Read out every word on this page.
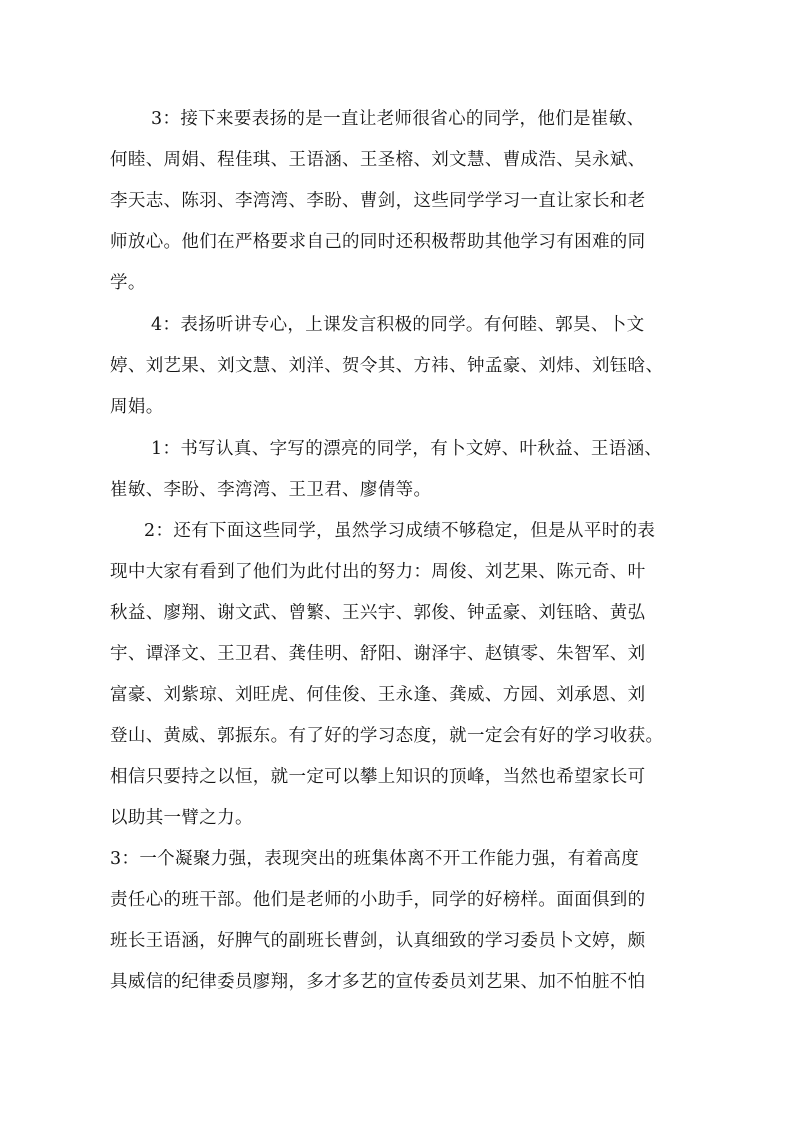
3：接下来要表扬的是一直让老师很省心的同学，他们是崔敏、
何睦、周娟、程佳琪、王语涵、王圣榕、刘文慧、曹成浩、吴永斌、
李天志、陈羽、李湾湾、李盼、曹剑，这些同学学习一直让家长和老
师放心。他们在严格要求自己的同时还积极帮助其他学习有困难的同
学。
4：表扬听讲专心，上课发言积极的同学。有何睦、郭昊、卜文
婷、刘艺果、刘文慧、刘洋、贺令其、方祎、钟孟豪、刘炜、刘钰晗、
周娟。
1：书写认真、字写的漂亮的同学，有卜文婷、叶秋益、王语涵、
崔敏、李盼、李湾湾、王卫君、廖倩等。
2：还有下面这些同学，虽然学习成绩不够稳定，但是从平时的表
现中大家有看到了他们为此付出的努力：周俊、刘艺果、陈元奇、叶
秋益、廖翔、谢文武、曾繁、王兴宇、郭俊、钟孟豪、刘钰晗、黄弘
宇、谭泽文、王卫君、龚佳明、舒阳、谢泽宇、赵镇零、朱智军、刘
富豪、刘紫琼、刘旺虎、何佳俊、王永逢、龚威、方园、刘承恩、刘
登山、黄威、郭振东。有了好的学习态度，就一定会有好的学习收获。
相信只要持之以恒，就一定可以攀上知识的顶峰，当然也希望家长可
以助其一臂之力。
3：一个凝聚力强，表现突出的班集体离不开工作能力强，有着高度
责任心的班干部。他们是老师的小助手，同学的好榜样。面面俱到的
班长王语涵，好脾气的副班长曹剑，认真细致的学习委员卜文婷，颇
具威信的纪律委员廖翔，多才多艺的宣传委员刘艺果、加不怕脏不怕
